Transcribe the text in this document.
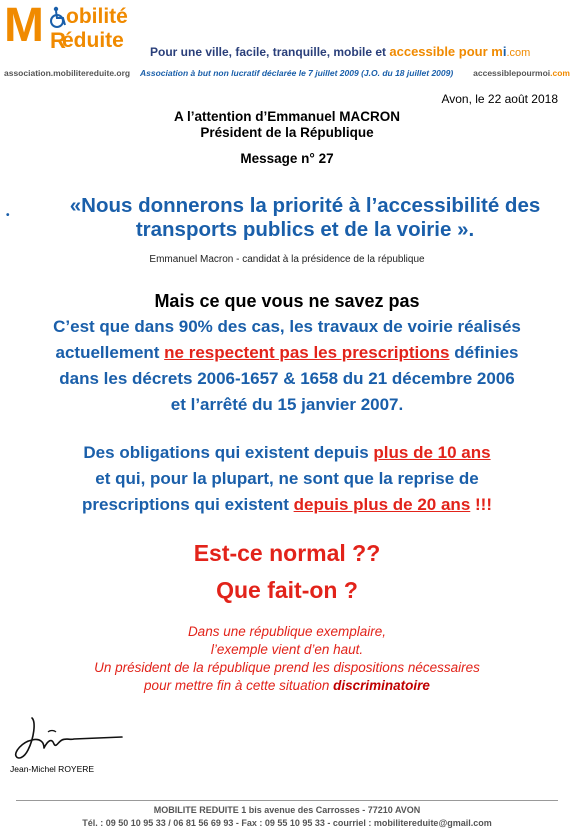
M obilité
R
éduite Pour une ville, facile, tranquille, mobile et accessible pour mi.com
association.mobilitereduite.org Association à but non lucratif déclarée le 7 juillet 2009 (J.O. du 18 juillet 2009) accessiblepourmoi.com
Avon, le 22 août 2018
A l’attention d’Emmanuel MACRON
Président de la République
Message n° 27
•	«Nous donnerons la priorité à l’accessibilité des
transports publics et de la voirie ».
Emmanuel Macron - candidat à la présidence de la république
Mais ce que vous ne savez pas
C’est que dans 90% des cas, les travaux de voirie réalisés
actuellement ne respectent pas les prescriptions définies
dans les décrets 2006-1657 & 1658 du 21 décembre 2006
et l’arrêté du 15 janvier 2007.
Des obligations qui existent depuis plus de 10 ans
et qui, pour la plupart, ne sont que la reprise de
prescriptions qui existent depuis plus de 20 ans !!!
Est-ce normal ??
Que fait-on ?
Dans une république exemplaire,
l’exemple vient d’en haut.
Un président de la république prend les dispositions nécessaires
pour mettre fin à cette situation discriminatoire
Jean-Michel ROYERE
MOBILITE REDUITE 1 bis avenue des Carrosses - 77210 AVON
Tél. : 09 50 10 95 33 / 06 81 56 69 93 - Fax : 09 55 10 95 33 - courriel : mobilitereduite@gmail.com
